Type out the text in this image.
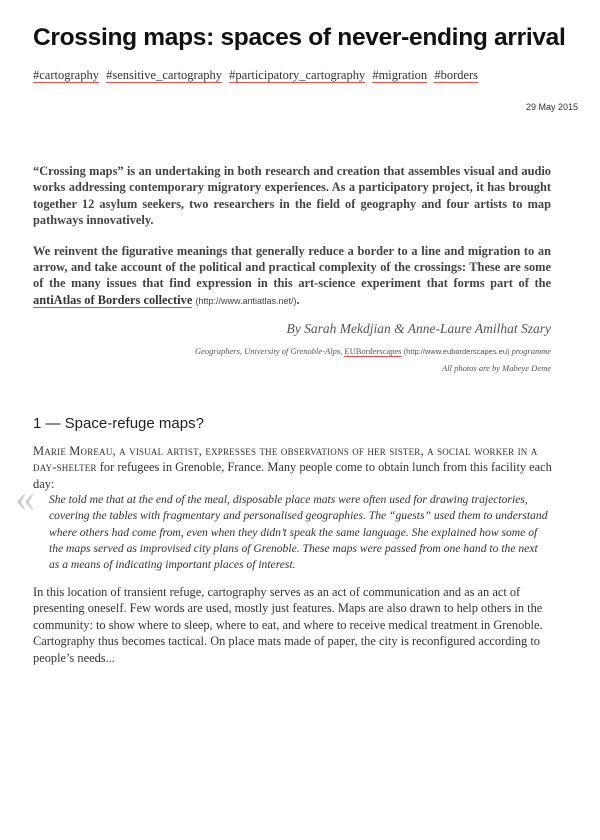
Crossing maps: spaces of never-ending arrival
#cartography #sensitive_cartography #participatory_cartography #migration #borders
29 May 2015

“Crossing maps” is an undertaking in both research and creation that assembles visual and audio works addressing contemporary migratory experiences. As a participatory project, it has brought together 12 asylum seekers, two researchers in the field of geography and four artists to map pathways innovatively.

We reinvent the figurative meanings that generally reduce a border to a line and migration to an arrow, and take account of the political and practical complexity of the crossings: These are some of the many issues that find expression in this art-science experiment that forms part of the antiAtlas of Borders collective (http://www.antiatlas.net/).

By Sarah Mekdjian & Anne-Laure Amilhat Szary
Geographers, University of Grenoble-Alps, EUBorderscapes (http://www.euborderscapes.eu) programme
All photos are by Mabeye Deme
1 — Space-refuge maps?
Marie Moreau, a visual artist, expresses the observations of her sister, a social worker in a day-shelter for refugees in Grenoble, France. Many people come to obtain lunch from this facility each day:
« She told me that at the end of the meal, disposable place mats were often used for drawing trajectories, covering the tables with fragmentary and personalised geographies. The “guests” used them to understand where others had come from, even when they didn’t speak the same language. She explained how some of the maps served as improvised city plans of Grenoble. These maps were passed from one hand to the next as a means of indicating important places of interest.
In this location of transient refuge, cartography serves as an act of communication and as an act of presenting oneself. Few words are used, mostly just features. Maps are also drawn to help others in the community: to show where to sleep, where to eat, and where to receive medical treatment in Grenoble. Cartography thus becomes tactical. On place mats made of paper, the city is reconfigured according to people’s needs...
